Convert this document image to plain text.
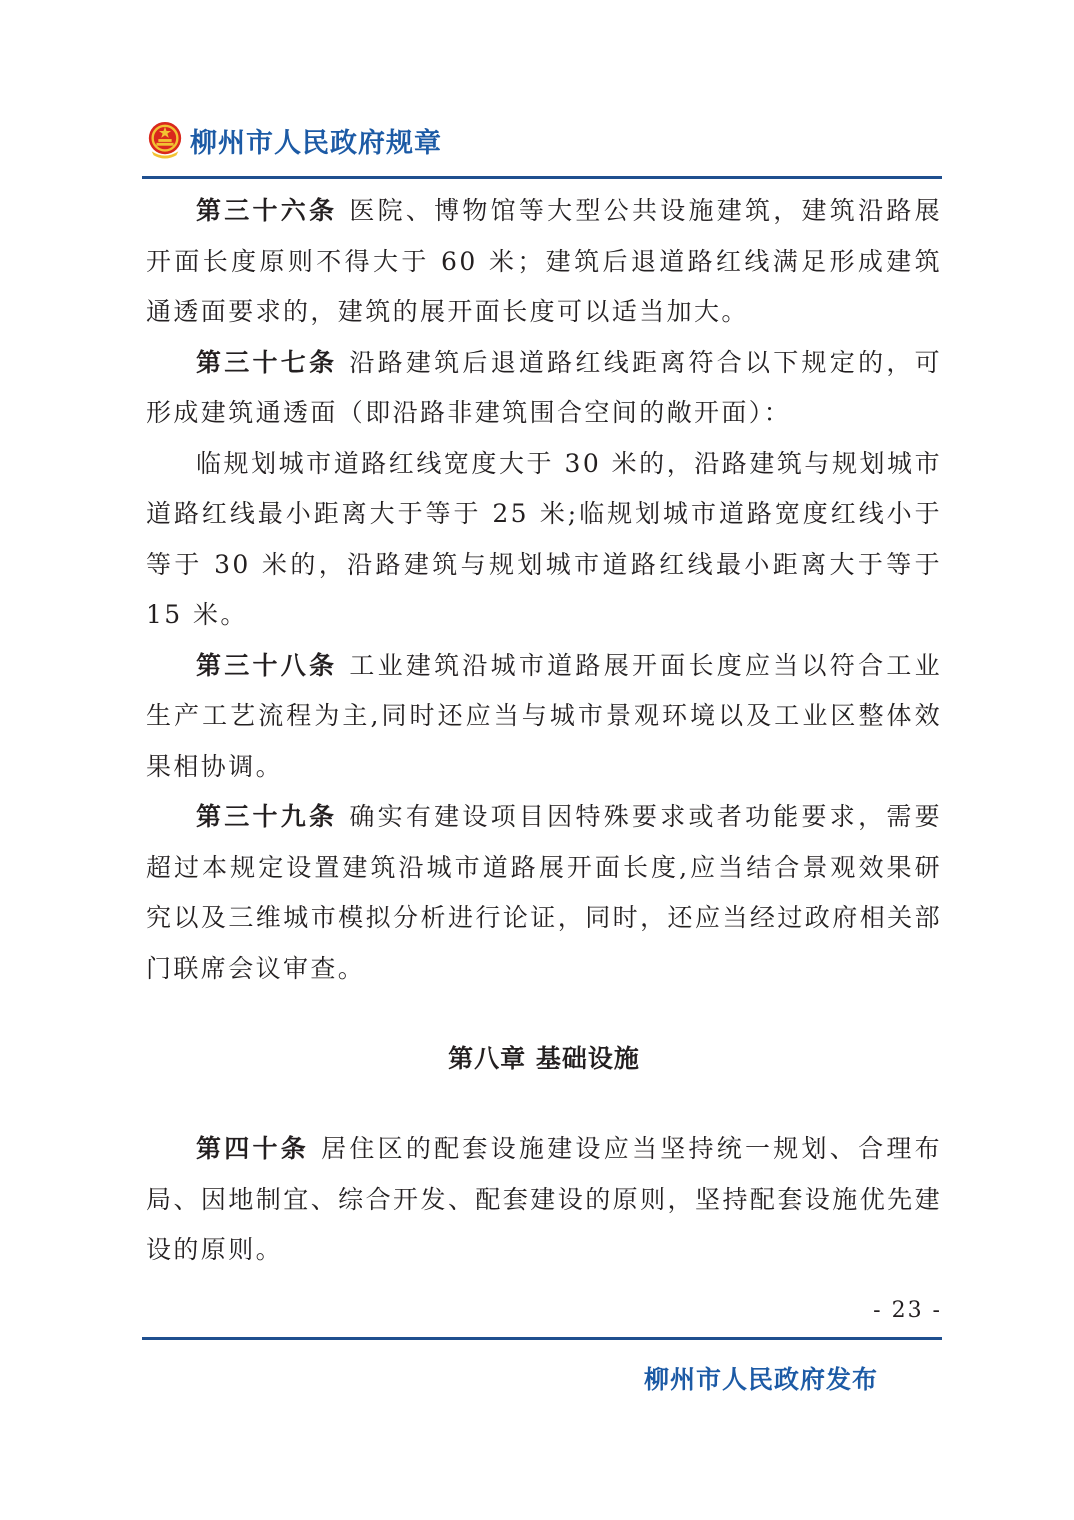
柳州市人民政府规章

第三十六条 医院、博物馆等大型公共设施建筑，建筑沿路展开面长度原则不得大于 60 米；建筑后退道路红线满足形成建筑通透面要求的，建筑的展开面长度可以适当加大。

第三十七条 沿路建筑后退道路红线距离符合以下规定的，可形成建筑通透面（即沿路非建筑围合空间的敞开面）：

临规划城市道路红线宽度大于 30 米的，沿路建筑与规划城市道路红线最小距离大于等于 25 米;临规划城市道路宽度红线小于等于 30 米的，沿路建筑与规划城市道路红线最小距离大于等于 15 米。

第三十八条 工业建筑沿城市道路展开面长度应当以符合工业生产工艺流程为主,同时还应当与城市景观环境以及工业区整体效果相协调。

第三十九条 确实有建设项目因特殊要求或者功能要求，需要超过本规定设置建筑沿城市道路展开面长度,应当结合景观效果研究以及三维城市模拟分析进行论证，同时，还应当经过政府相关部门联席会议审查。

第八章 基础设施

第四十条 居住区的配套设施建设应当坚持统一规划、合理布局、因地制宜、综合开发、配套建设的原则，坚持配套设施优先建设的原则。

- 23 -
柳州市人民政府发布
